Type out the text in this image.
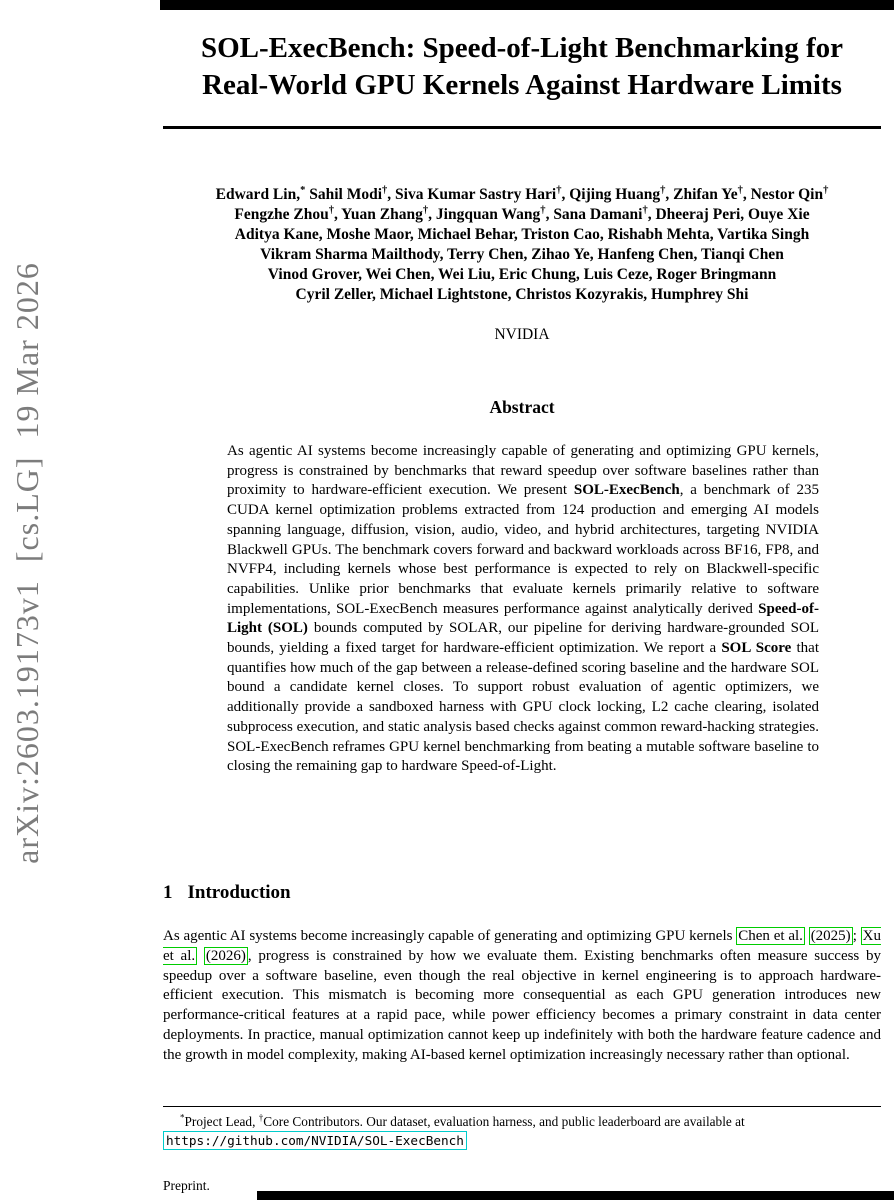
arXiv:2603.19173v1  [cs.LG]  19 Mar 2026
SOL-ExecBench: Speed-of-Light Benchmarking for
Real-World GPU Kernels Against Hardware Limits
Edward Lin,* Sahil Modi†, Siva Kumar Sastry Hari†, Qijing Huang†, Zhifan Ye†, Nestor Qin†
Fengzhe Zhou†, Yuan Zhang†, Jingquan Wang†, Sana Damani†, Dheeraj Peri, Ouye Xie
Aditya Kane, Moshe Maor, Michael Behar, Triston Cao, Rishabh Mehta, Vartika Singh
Vikram Sharma Mailthody, Terry Chen, Zihao Ye, Hanfeng Chen, Tianqi Chen
Vinod Grover, Wei Chen, Wei Liu, Eric Chung, Luis Ceze, Roger Bringmann
Cyril Zeller, Michael Lightstone, Christos Kozyrakis, Humphrey Shi
NVIDIA
Abstract

As agentic AI systems become increasingly capable of generating and optimizing GPU kernels, progress is constrained by benchmarks that reward speedup over software baselines rather than proximity to hardware-efficient execution. We present SOL-ExecBench, a benchmark of 235 CUDA kernel optimization problems extracted from 124 production and emerging AI models spanning language, diffusion, vision, audio, video, and hybrid architectures, targeting NVIDIA Blackwell GPUs. The benchmark covers forward and backward workloads across BF16, FP8, and NVFP4, including kernels whose best performance is expected to rely on Blackwell-specific capabilities. Unlike prior benchmarks that evaluate kernels primarily relative to software implementations, SOL-ExecBench measures performance against analytically derived Speed-of-Light (SOL) bounds computed by SOLAR, our pipeline for deriving hardware-grounded SOL bounds, yielding a fixed target for hardware-efficient optimization. We report a SOL Score that quantifies how much of the gap between a release-defined scoring baseline and the hardware SOL bound a candidate kernel closes. To support robust evaluation of agentic optimizers, we additionally provide a sandboxed harness with GPU clock locking, L2 cache clearing, isolated subprocess execution, and static analysis based checks against common reward-hacking strategies. SOL-ExecBench reframes GPU kernel benchmarking from beating a mutable software baseline to closing the remaining gap to hardware Speed-of-Light.

1 Introduction

As agentic AI systems become increasingly capable of generating and optimizing GPU kernels Chen et al. (2025) ; Xu et al. (2026) , progress is constrained by how we evaluate them. Existing benchmarks often measure success by speedup over a software baseline, even though the real objective in kernel engineering is to approach hardware-efficient execution. This mismatch is becoming more consequential as each GPU generation introduces new performance-critical features at a rapid pace, while power efficiency becomes a primary constraint in data center deployments. In practice, manual optimization cannot keep up indefinitely with both the hardware feature cadence and the growth in model complexity, making AI-based kernel optimization increasingly necessary rather than optional.

*Project Lead, †Core Contributors. Our dataset, evaluation harness, and public leaderboard are available at https://github.com/NVIDIA/SOL-ExecBench
Preprint.
